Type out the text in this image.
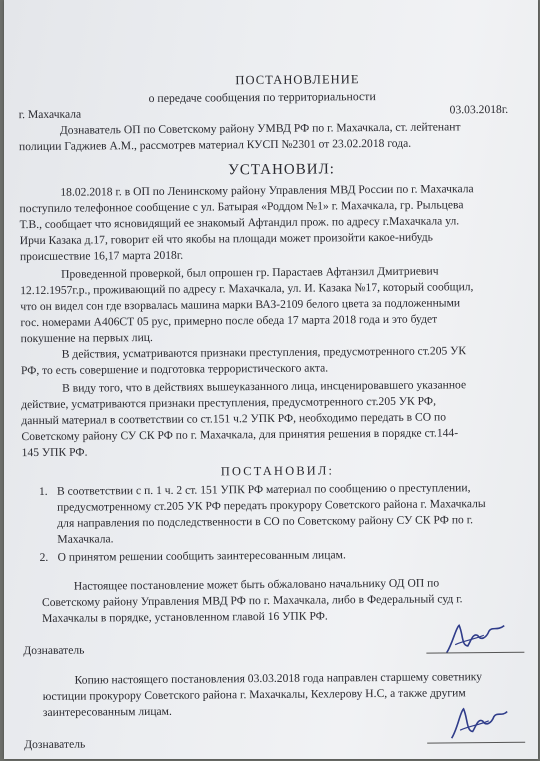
ПОСТАНОВЛЕНИЕ
о передаче сообщения по территориальности
г. Махачкала	03.03.2018г.
Дознаватель ОП по Советскому району УМВД РФ по г. Махачкала, ст. лейтенант
полиции Гаджиев А.М., рассмотрев материал КУСП №2301 от 23.02.2018 года.
УСТАНОВИЛ:
18.02.2018 г. в ОП по Ленинскому району Управления МВД России по г. Махачкала
поступило телефонное сообщение с ул. Батырая «Роддом №1» г. Махачкала, гр. Рыльцева
Т.В., сообщает что ясновидящий ее знакомый Афтандил прож. по адресу г.Махачкала ул.
Ирчи Казака д.17, говорит ей что якобы на площади может произойти какое-нибудь
происшествие 16,17 марта 2018г.
Проведенной проверкой, был опрошен гр. Парастаев Афтанзил Дмитриевич
12.12.1957г.р., проживающий по адресу г. Махачкала, ул. И. Казака №17, который сообщил,
что он видел сон где взорвалась машина марки ВАЗ-2109 белого цвета за подложенными
гос. номерами А406СТ 05 рус, примерно после обеда 17 марта 2018 года и это будет
покушение на первых лиц.
В действия, усматриваются признаки преступления, предусмотренного ст.205 УК
РФ, то есть совершение и подготовка террористического акта.
В виду того, что в действиях вышеуказанного лица, инсценировавшего указанное
действие, усматриваются признаки преступления, предусмотренного ст.205 УК РФ,
данный материал в соответствии со ст.151 ч.2 УПК РФ, необходимо передать в СО по
Советскому району СУ СК РФ по г. Махачкала, для принятия решения в порядке ст.144-
145 УПК РФ.
ПОСТАНОВИЛ:
1. В соответствии с п. 1 ч. 2 ст. 151 УПК РФ материал по сообщению о преступлении,
предусмотренному ст.205 УК РФ передать прокурору Советского района г. Махачкалы
для направления по подследственности в СО по Советскому району СУ СК РФ по г.
Махачкала.
2. О принятом решении сообщить заинтересованным лицам.
Настоящее постановление может быть обжаловано начальнику ОД ОП по
Советскому району Управления МВД РФ по г. Махачкала, либо в Федеральный суд г.
Махачкалы в порядке, установленном главой 16 УПК РФ.
Дознаватель
Копию настоящего постановления 03.03.2018 года направлен старшему советнику
юстиции прокурору Советского района г. Махачкалы, Кехлерову Н.С, а также другим
заинтересованным лицам.
Дознаватель
